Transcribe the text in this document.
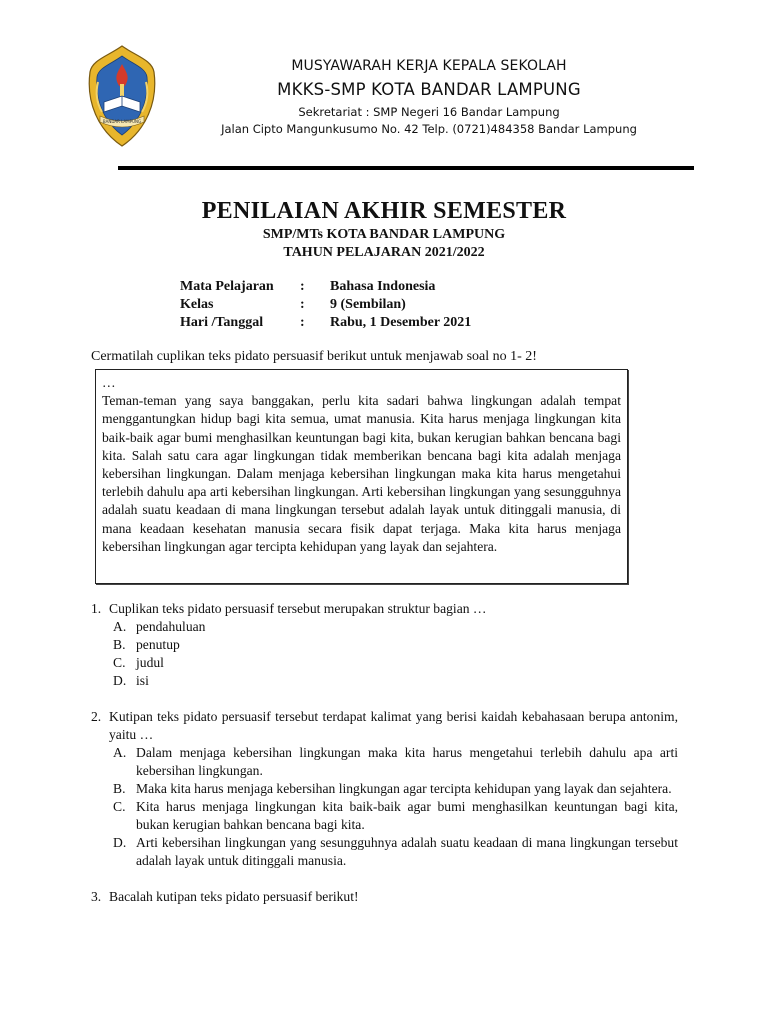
BANDAR LAMPUNG
MUSYAWARAH KERJA KEPALA SEKOLAH
MKKS-SMP KOTA BANDAR LAMPUNG
Sekretariat : SMP Negeri 16 Bandar Lampung
Jalan Cipto Mangunkusumo No. 42 Telp. (0721)484358 Bandar Lampung
PENILAIAN AKHIR SEMESTER
SMP/MTs KOTA BANDAR LAMPUNG
TAHUN PELAJARAN 2021/2022
Mata Pelajaran	:	Bahasa Indonesia
Kelas	:	9 (Sembilan)
Hari /Tanggal	:	Rabu, 1 Desember 2021
Cermatilah cuplikan teks pidato persuasif berikut untuk menjawab soal no 1- 2!

…

Teman-teman yang saya banggakan, perlu kita sadari bahwa lingkungan adalah tempat menggantungkan hidup bagi kita semua, umat manusia. Kita harus menjaga lingkungan kita baik-baik agar bumi menghasilkan keuntungan bagi kita, bukan kerugian bahkan bencana bagi kita. Salah satu cara agar lingkungan tidak memberikan bencana bagi kita adalah menjaga kebersihan lingkungan. Dalam menjaga kebersihan lingkungan maka kita harus mengetahui terlebih dahulu apa arti kebersihan lingkungan. Arti kebersihan lingkungan yang sesungguhnya adalah suatu keadaan di mana lingkungan tersebut adalah layak untuk ditinggali manusia, di mana keadaan kesehatan manusia secara fisik dapat terjaga. Maka kita harus menjaga kebersihan lingkungan agar tercipta kehidupan yang layak dan sejahtera.

1. Cuplikan teks pidato persuasif tersebut merupakan struktur bagian …
A. pendahuluan
B. penutup
C. judul
D. isi
2. Kutipan teks pidato persuasif tersebut terdapat kalimat yang berisi kaidah kebahasaan berupa antonim, yaitu …
A. Dalam menjaga kebersihan lingkungan maka kita harus mengetahui terlebih dahulu apa arti kebersihan lingkungan.
B. Maka kita harus menjaga kebersihan lingkungan agar tercipta kehidupan yang layak dan sejahtera.
C. Kita harus menjaga lingkungan kita baik-baik agar bumi menghasilkan keuntungan bagi kita, bukan kerugian bahkan bencana bagi kita.
D. Arti kebersihan lingkungan yang sesungguhnya adalah suatu keadaan di mana lingkungan tersebut adalah layak untuk ditinggali manusia.
3. Bacalah kutipan teks pidato persuasif berikut!
